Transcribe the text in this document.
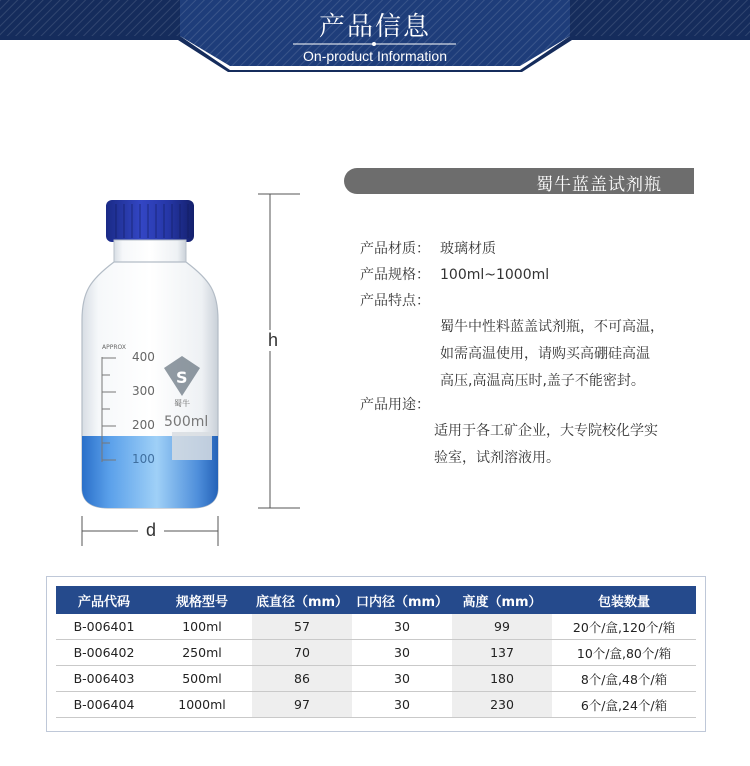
产品信息
On-product Information
S
APPROX
400
300
200
100
蜀牛
500ml
h
d
蜀牛蓝盖试剂瓶
产品材质： 玻璃材质
产品规格： 100ml~1000ml
产品特点：
蜀牛中性料蓝盖试剂瓶，不可高温，
如需高温使用，请购买高硼硅高温
高压,高温高压时,盖子不能密封。
产品用途：
适用于各工矿企业，大专院校化学实
验室，试剂溶液用。
产品代码	规格型号	底直径（mm）	口内径（mm）	高度（mm）	包装数量
B-006401	100ml	57	30	99	20个/盒,120个/箱
B-006402	250ml	70	30	137	10个/盒,80个/箱
B-006403	500ml	86	30	180	8个/盒,48个/箱
B-006404	1000ml	97	30	230	6个/盒,24个/箱
